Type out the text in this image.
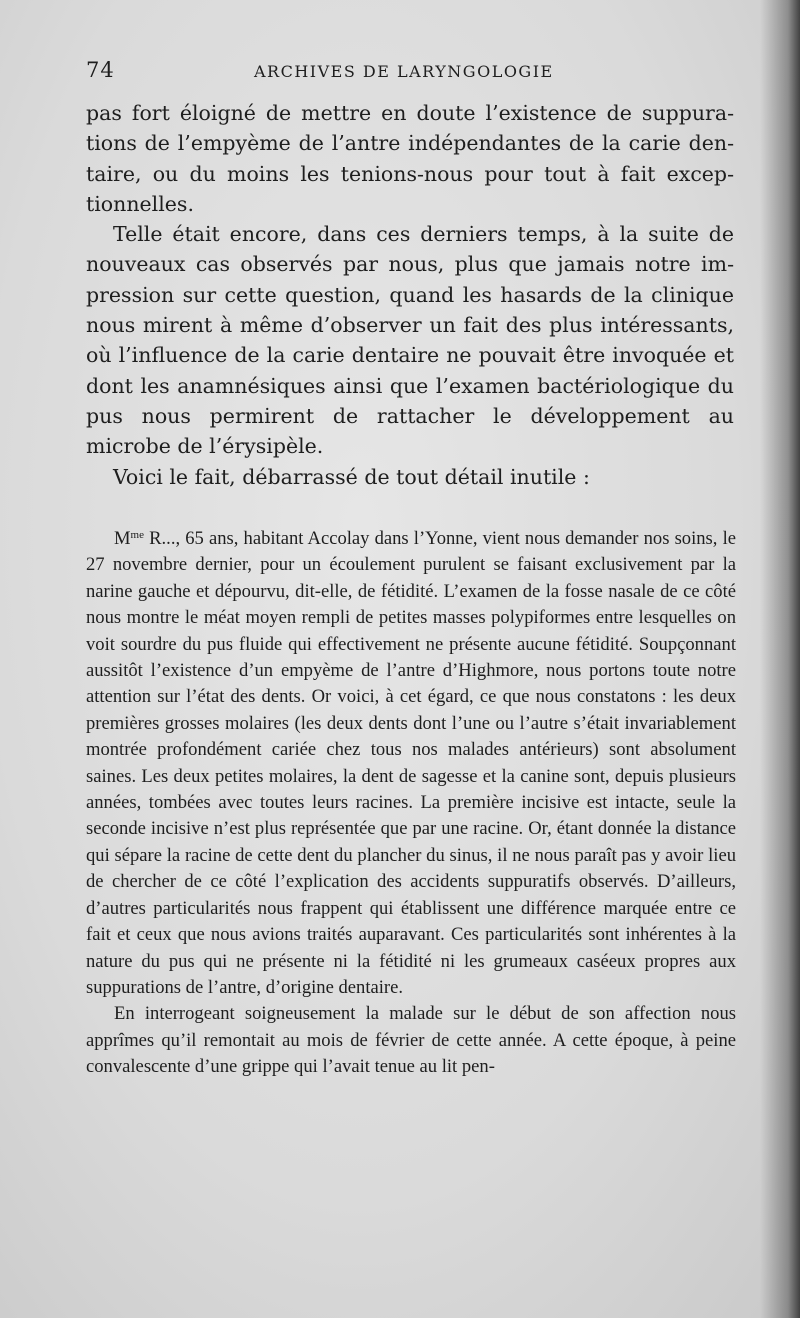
74	ARCHIVES DE LARYNGOLOGIE

pas fort éloigné de mettre en doute l’existence de suppurations de l’empyème de l’antre indépendantes de la carie dentaire, ou du moins les tenions-nous pour tout à fait exceptionnelles.

Telle était encore, dans ces derniers temps, à la suite de nouveaux cas observés par nous, plus que jamais notre impression sur cette question, quand les hasards de la clinique nous mirent à même d’observer un fait des plus intéressants, où l’influence de la carie dentaire ne pouvait être invoquée et dont les anamnésiques ainsi que l’examen bactériologique du pus nous permirent de rattacher le développement au microbe de l’érysipèle.

Voici le fait, débarrassé de tout détail inutile :

$M^{me}$ R..., 65 ans, habitant Accolay dans l’Yonne, vient nous demander nos soins, le 27 novembre dernier, pour un écoulement purulent se faisant exclusivement par la narine gauche et dépourvu, dit-elle, de fétidité. L’examen de la fosse nasale de ce côté nous montre le méat moyen rempli de petites masses polypiformes entre lesquelles on voit sourdre du pus fluide qui effectivement ne présente aucune fétidité. Soupçonnant aussitôt l’existence d’un empyème de l’antre d’Highmore, nous portons toute notre attention sur l’état des dents. Or voici, à cet égard, ce que nous constatons : les deux premières grosses molaires (les deux dents dont l’une ou l’autre s’était invariablement montrée profondément cariée chez tous nos malades antérieurs) sont absolument saines. Les deux petites molaires, la dent de sagesse et la canine sont, depuis plusieurs années, tombées avec toutes leurs racines. La première incisive est intacte, seule la seconde incisive n’est plus représentée que par une racine. Or, étant donnée la distance qui sépare la racine de cette dent du plancher du sinus, il ne nous paraît pas y avoir lieu de chercher de ce côté l’explication des accidents suppuratifs observés. D’ailleurs, d’autres particularités nous frappent qui établissent une différence marquée entre ce fait et ceux que nous avions traités auparavant. Ces particularités sont inhérentes à la nature du pus qui ne présente ni la fétidité ni les grumeaux caséeux propres aux suppurations de l’antre, d’origine dentaire.

En interrogeant soigneusement la malade sur le début de son affection nous apprîmes qu’il remontait au mois de février de cette année. A cette époque, à peine convalescente d’une grippe qui l’avait tenue au lit pen-
